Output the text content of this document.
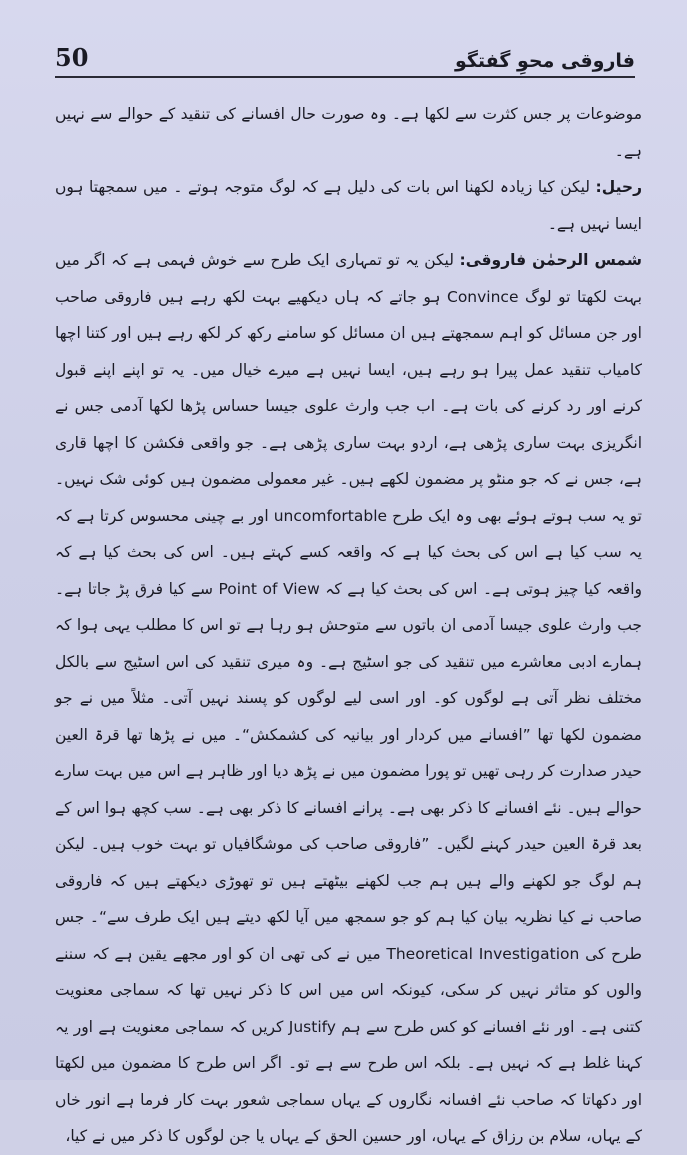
50	فاروقی محوِ گفتگو

موضوعات پر جس کثرت سے لکھا ہے۔ وہ صورت حال افسانے کی تنقید کے حوالے سے نہیں ہے۔

رحیل: لیکن کیا زیادہ لکھنا اس بات کی دلیل ہے کہ لوگ متوجہ ہوتے ۔ میں سمجھتا ہوں ایسا نہیں ہے۔

شمس الرحمٰن فاروقی: لیکن یہ تو تمہاری ایک طرح سے خوش فہمی ہے کہ اگر میں بہت لکھتا تو لوگ Convince ہو جاتے کہ ہاں دیکھیے بہت لکھ رہے ہیں فاروقی صاحب اور جن مسائل کو اہم سمجھتے ہیں ان مسائل کو سامنے رکھ کر لکھ رہے ہیں اور کتنا اچھا کامیاب تنقید عمل پیرا ہو رہے ہیں، ایسا نہیں ہے میرے خیال میں۔ یہ تو اپنے اپنے قبول کرنے اور رد کرنے کی بات ہے۔ اب جب وارث علوی جیسا حساس پڑھا لکھا آدمی جس نے انگریزی بہت ساری پڑھی ہے، اردو بہت ساری پڑھی ہے۔ جو واقعی فکشن کا اچھا قاری ہے، جس نے کہ جو منٹو پر مضمون لکھے ہیں۔ غیر معمولی مضمون ہیں کوئی شک نہیں۔ تو یہ سب ہوتے ہوئے بھی وہ ایک طرح uncomfortable اور بے چینی محسوس کرتا ہے کہ یہ سب کیا ہے اس کی بحث کیا ہے کہ واقعہ کسے کہتے ہیں۔ اس کی بحث کیا ہے کہ واقعہ کیا چیز ہوتی ہے۔ اس کی بحث کیا ہے کہ Point of View سے کیا فرق پڑ جاتا ہے۔ جب وارث علوی جیسا آدمی ان باتوں سے متوحش ہو رہا ہے تو اس کا مطلب یہی ہوا کہ ہمارے ادبی معاشرے میں تنقید کی جو اسٹیج ہے۔ وہ میری تنقید کی اس اسٹیج سے بالکل مختلف نظر آتی ہے لوگوں کو۔ اور اسی لیے لوگوں کو پسند نہیں آتی۔ مثلاً میں نے جو مضمون لکھا تھا ”افسانے میں کردار اور بیانیہ کی کشمکش“۔ میں نے پڑھا تھا قرۃ العین حیدر صدارت کر رہی تھیں تو پورا مضمون میں نے پڑھ دیا اور ظاہر ہے اس میں بہت سارے حوالے ہیں۔ نئے افسانے کا ذکر بھی ہے۔ پرانے افسانے کا ذکر بھی ہے۔ سب کچھ ہوا اس کے بعد قرۃ العین حیدر کہنے لگیں۔ ”فاروقی صاحب کی موشگافیاں تو بہت خوب ہیں۔ لیکن ہم لوگ جو لکھنے والے ہیں ہم جب لکھنے بیٹھتے ہیں تو تھوڑی دیکھتے ہیں کہ فاروقی صاحب نے کیا نظریہ بیان کیا ہم کو جو سمجھ میں آیا لکھ دیتے ہیں ایک طرف سے“۔ جس طرح کی Theoretical Investigation میں نے کی تھی ان کو اور مجھے یقین ہے کہ سننے والوں کو متاثر نہیں کر سکی، کیونکہ اس میں اس کا ذکر نہیں تھا کہ سماجی معنویت کتنی ہے۔ اور نئے افسانے کو کس طرح سے ہم Justify کریں کہ سماجی معنویت ہے اور یہ کہنا غلط ہے کہ نہیں ہے۔ بلکہ اس طرح سے ہے تو۔ اگر اس طرح کا مضمون میں لکھتا اور دکھاتا کہ صاحب نئے افسانہ نگاروں کے یہاں سماجی شعور بہت کار فرما ہے انور خاں کے یہاں، سلام بن رزاق کے یہاں، اور حسین الحق کے یہاں یا جن لوگوں کا ذکر میں نے کیا،
